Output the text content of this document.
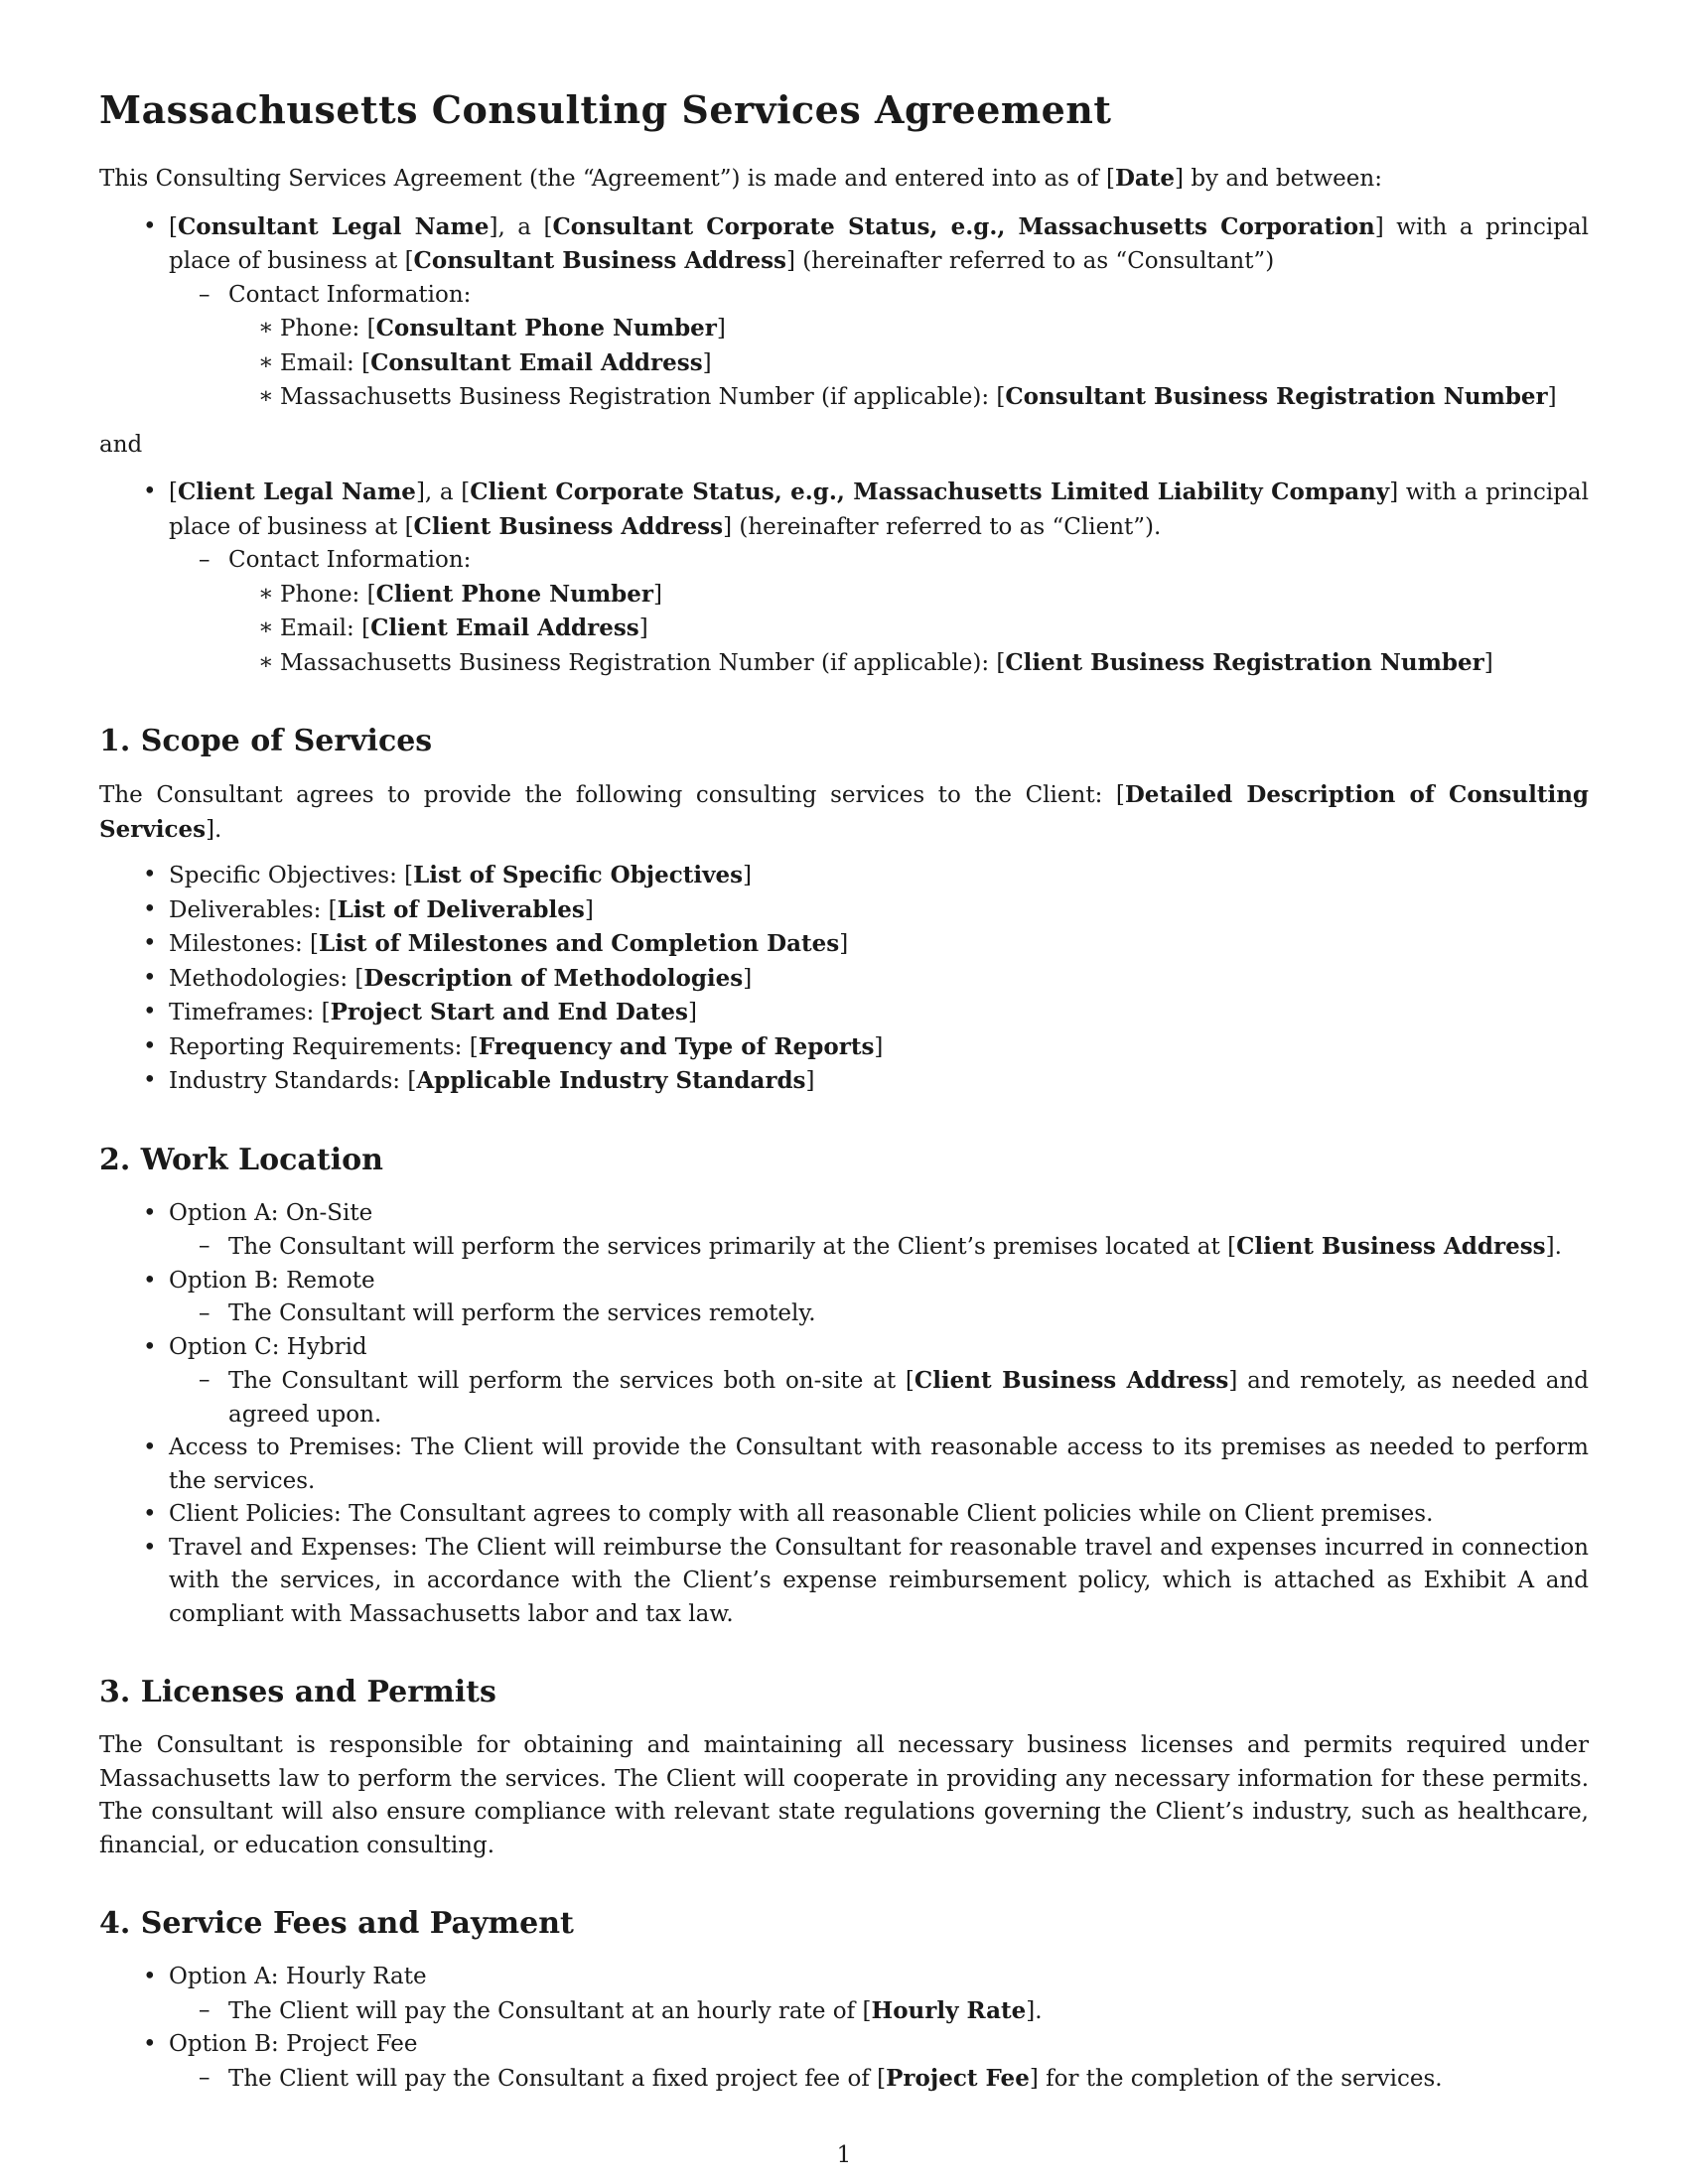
Massachusetts Consulting Services Agreement

This Consulting Services Agreement (the “Agreement”) is made and entered into as of [Date] by and between:

• [Consultant Legal Name], a [Consultant Corporate Status, e.g., Massachusetts Corporation] with a principal place of business at [Consultant Business Address] (hereinafter referred to as “Consultant”)
– Contact Information:
∗ Phone: [Consultant Phone Number]
∗ Email: [Consultant Email Address]
∗ Massachusetts Business Registration Number (if applicable): [Consultant Business Registration Number]

and

• [Client Legal Name], a [Client Corporate Status, e.g., Massachusetts Limited Liability Company] with a principal place of business at [Client Business Address] (hereinafter referred to as “Client”).
– Contact Information:
∗ Phone: [Client Phone Number]
∗ Email: [Client Email Address]
∗ Massachusetts Business Registration Number (if applicable): [Client Business Registration Number]
1. Scope of Services

The Consultant agrees to provide the following consulting services to the Client: [Detailed Description of Consulting Services].

• Specific Objectives: [List of Specific Objectives]
• Deliverables: [List of Deliverables]
• Milestones: [List of Milestones and Completion Dates]
• Methodologies: [Description of Methodologies]
• Timeframes: [Project Start and End Dates]
• Reporting Requirements: [Frequency and Type of Reports]
• Industry Standards: [Applicable Industry Standards]
2. Work Location
• Option A: On-Site
– The Consultant will perform the services primarily at the Client’s premises located at [Client Business Address].
• Option B: Remote
– The Consultant will perform the services remotely.
• Option C: Hybrid
– The Consultant will perform the services both on-site at [Client Business Address] and remotely, as needed and agreed upon.
• Access to Premises: The Client will provide the Consultant with reasonable access to its premises as needed to perform the services.
• Client Policies: The Consultant agrees to comply with all reasonable Client policies while on Client premises.
• Travel and Expenses: The Client will reimburse the Consultant for reasonable travel and expenses incurred in connection with the services, in accordance with the Client’s expense reimbursement policy, which is attached as Exhibit A and compliant with Massachusetts labor and tax law.
3. Licenses and Permits

The Consultant is responsible for obtaining and maintaining all necessary business licenses and permits required under Massachusetts law to perform the services. The Client will cooperate in providing any necessary information for these permits. The consultant will also ensure compliance with relevant state regulations governing the Client’s industry, such as healthcare, financial, or education consulting.

4. Service Fees and Payment
• Option A: Hourly Rate
– The Client will pay the Consultant at an hourly rate of [Hourly Rate].
• Option B: Project Fee
– The Client will pay the Consultant a fixed project fee of [Project Fee] for the completion of the services.
1
